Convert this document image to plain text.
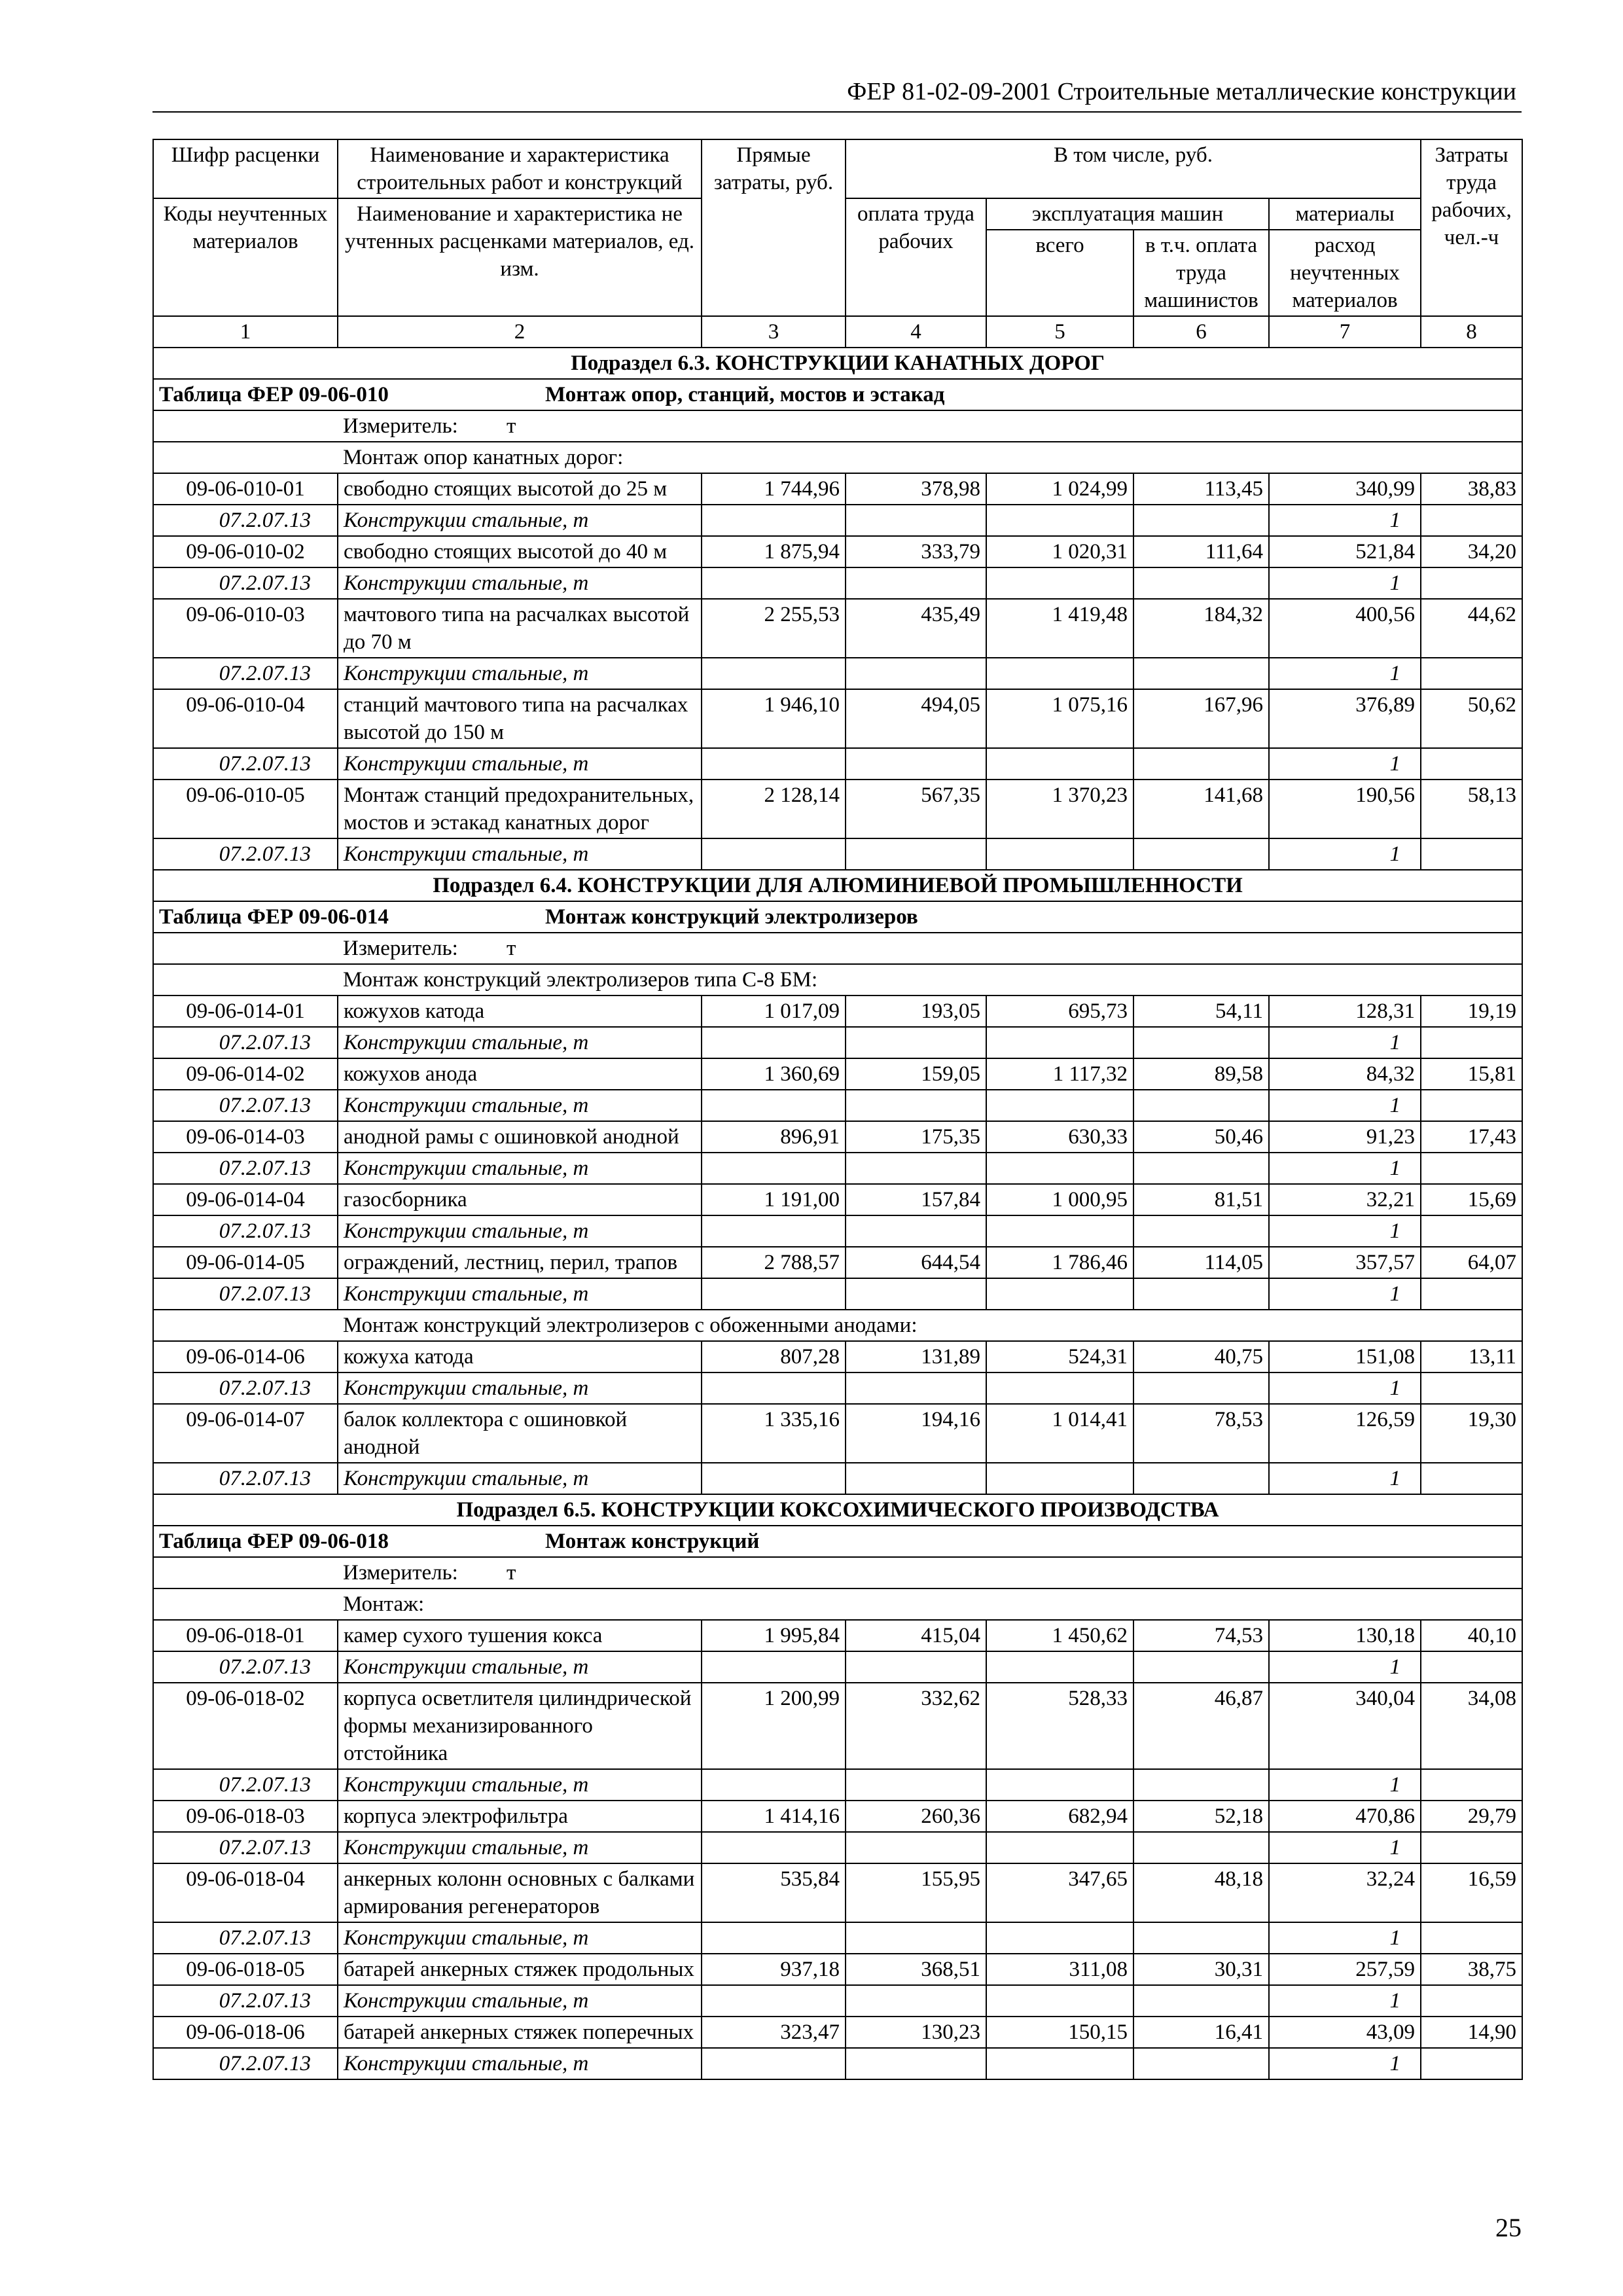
ФЕР 81-02-09-2001 Строительные металлические конструкции
Шифр расценки	Наименование и характеристика строительных работ и конструкций	Прямые затраты, руб.	В том числе, руб.				Затраты труда рабочих, чел.-ч
Коды неучтенных материалов	Наименование и характеристика не учтенных расценками материалов, ед. изм.		оплата труда рабочих	эксплуатация машин		материалы	
				всего	в т.ч. оплата труда машинистов	расход неучтенных материалов	
1	2	3	4	5	6	7	8
Подраздел 6.3. КОНСТРУКЦИИ КАНАТНЫХ ДОРОГ							
Таблица ФЕР 09-06-010 Монтаж опор, станций, мостов и эстакад							
	Измеритель: т						
	Монтаж опор канатных дорог:						
09-06-010-01	свободно стоящих высотой до 25 м	1 744,96	378,98	1 024,99	113,45	340,99	38,83
07.2.07.13	Конструкции стальные, т					1	
09-06-010-02	свободно стоящих высотой до 40 м	1 875,94	333,79	1 020,31	111,64	521,84	34,20
07.2.07.13	Конструкции стальные, т					1	
09-06-010-03	мачтового типа на расчалках высотой до 70 м	2 255,53	435,49	1 419,48	184,32	400,56	44,62
07.2.07.13	Конструкции стальные, т					1	
09-06-010-04	станций мачтового типа на расчалках высотой до 150 м	1 946,10	494,05	1 075,16	167,96	376,89	50,62
07.2.07.13	Конструкции стальные, т					1	
09-06-010-05	Монтаж станций предохранительных, мостов и эстакад канатных дорог	2 128,14	567,35	1 370,23	141,68	190,56	58,13
07.2.07.13	Конструкции стальные, т					1	
Подраздел 6.4. КОНСТРУКЦИИ ДЛЯ АЛЮМИНИЕВОЙ ПРОМЫШЛЕННОСТИ							
Таблица ФЕР 09-06-014 Монтаж конструкций электролизеров							
	Измеритель: т						
	Монтаж конструкций электролизеров типа С-8 БМ:						
09-06-014-01	кожухов катода	1 017,09	193,05	695,73	54,11	128,31	19,19
07.2.07.13	Конструкции стальные, т					1	
09-06-014-02	кожухов анода	1 360,69	159,05	1 117,32	89,58	84,32	15,81
07.2.07.13	Конструкции стальные, т					1	
09-06-014-03	анодной рамы с ошиновкой анодной	896,91	175,35	630,33	50,46	91,23	17,43
07.2.07.13	Конструкции стальные, т					1	
09-06-014-04	газосборника	1 191,00	157,84	1 000,95	81,51	32,21	15,69
07.2.07.13	Конструкции стальные, т					1	
09-06-014-05	ограждений, лестниц, перил, трапов	2 788,57	644,54	1 786,46	114,05	357,57	64,07
07.2.07.13	Конструкции стальные, т					1	
	Монтаж конструкций электролизеров с обоженными анодами:						
09-06-014-06	кожуха катода	807,28	131,89	524,31	40,75	151,08	13,11
07.2.07.13	Конструкции стальные, т					1	
09-06-014-07	балок коллектора с ошиновкой анодной	1 335,16	194,16	1 014,41	78,53	126,59	19,30
07.2.07.13	Конструкции стальные, т					1	
Подраздел 6.5. КОНСТРУКЦИИ КОКСОХИМИЧЕСКОГО ПРОИЗВОДСТВА							
Таблица ФЕР 09-06-018 Монтаж конструкций							
	Измеритель: т						
	Монтаж:						
09-06-018-01	камер сухого тушения кокса	1 995,84	415,04	1 450,62	74,53	130,18	40,10
07.2.07.13	Конструкции стальные, т					1	
09-06-018-02	корпуса осветлителя цилиндрической формы механизированного отстойника	1 200,99	332,62	528,33	46,87	340,04	34,08
07.2.07.13	Конструкции стальные, т					1	
09-06-018-03	корпуса электрофильтра	1 414,16	260,36	682,94	52,18	470,86	29,79
07.2.07.13	Конструкции стальные, т					1	
09-06-018-04	анкерных колонн основных с балками армирования регенераторов	535,84	155,95	347,65	48,18	32,24	16,59
07.2.07.13	Конструкции стальные, т					1	
09-06-018-05	батарей анкерных стяжек продольных	937,18	368,51	311,08	30,31	257,59	38,75
07.2.07.13	Конструкции стальные, т					1	
09-06-018-06	батарей анкерных стяжек поперечных	323,47	130,23	150,15	16,41	43,09	14,90
07.2.07.13	Конструкции стальные, т					1	
25
